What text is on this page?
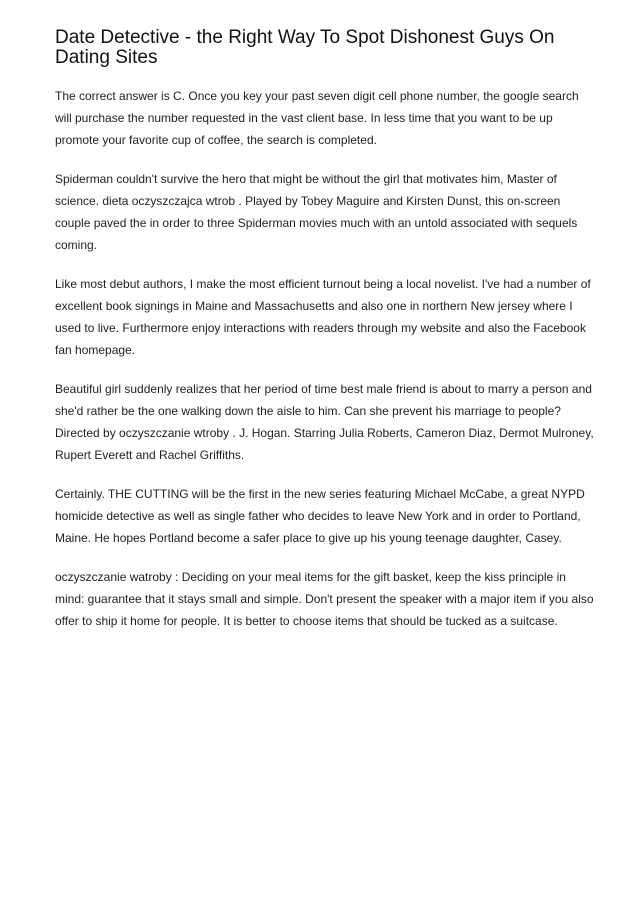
Date Detective - the Right Way To Spot Dishonest Guys On Dating Sites

The correct answer is C. Once you key your past seven digit cell phone number, the google search will purchase the number requested in the vast client base. In less time that you want to be up promote your favorite cup of coffee, the search is completed.

Spiderman couldn't survive the hero that might be without the girl that motivates him, Master of science. dieta oczyszczajca wtrob . Played by Tobey Maguire and Kirsten Dunst, this on-screen couple paved the in order to three Spiderman movies much with an untold associated with sequels coming.

Like most debut authors, I make the most efficient turnout being a local novelist. I've had a number of excellent book signings in Maine and Massachusetts and also one in northern New jersey where I used to live. Furthermore enjoy interactions with readers through my website and also the Facebook fan homepage.

Beautiful girl suddenly realizes that her period of time best male friend is about to marry a person and she'd rather be the one walking down the aisle to him. Can she prevent his marriage to people? Directed by oczyszczanie wtroby . J. Hogan. Starring Julia Roberts, Cameron Diaz, Dermot Mulroney, Rupert Everett and Rachel Griffiths.

Certainly. THE CUTTING will be the first in the new series featuring Michael McCabe, a great NYPD homicide detective as well as single father who decides to leave New York and in order to Portland, Maine. He hopes Portland become a safer place to give up his young teenage daughter, Casey.

oczyszczanie watroby : Deciding on your meal items for the gift basket, keep the kiss principle in mind: guarantee that it stays small and simple. Don't present the speaker with a major item if you also offer to ship it home for people. It is better to choose items that should be tucked as a suitcase.
